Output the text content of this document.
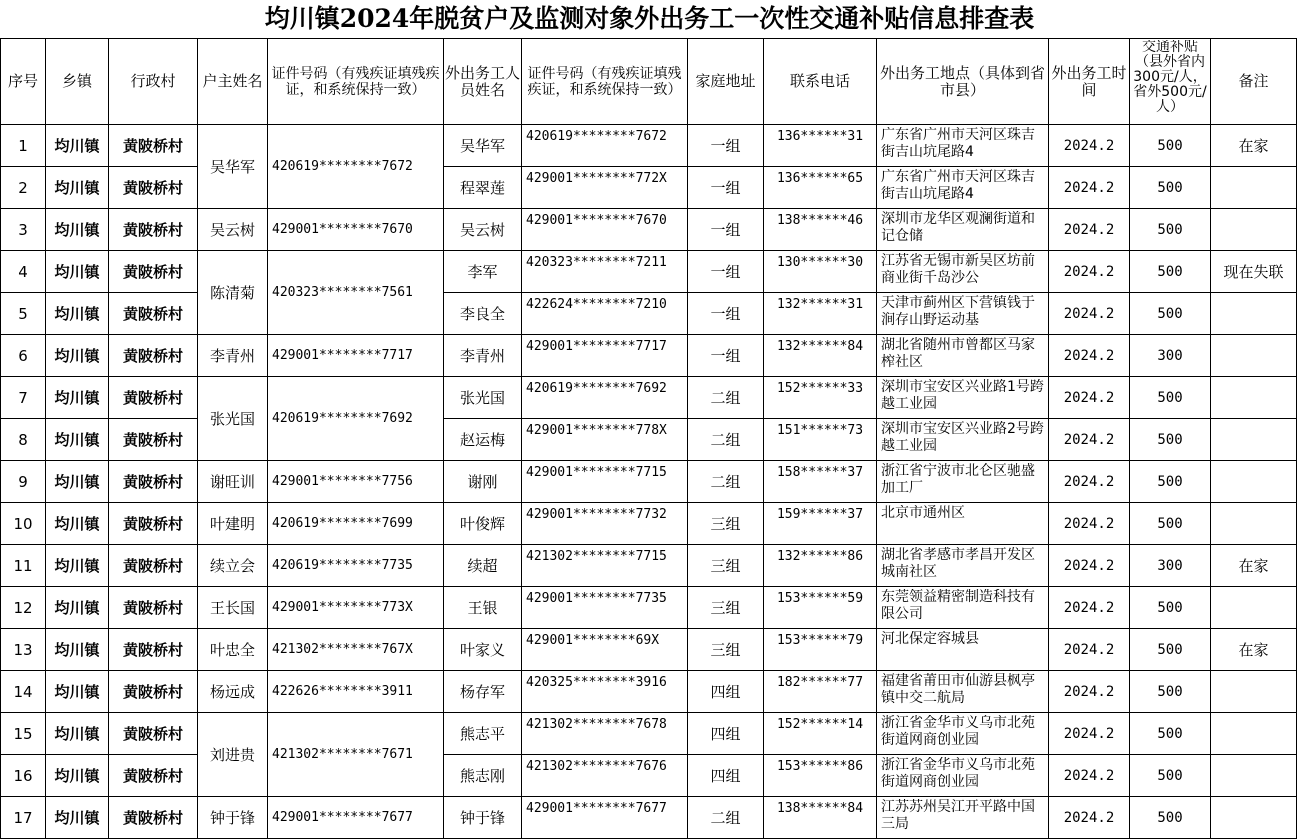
均川镇2024年脱贫户及监测对象外出务工一次性交通补贴信息排查表
序号	乡镇	行政村	户主姓名	证件号码（有残疾证填残疾证，和系统保持一致）	外出务工人员姓名	证件号码（有残疾证填残疾证，和系统保持一致）	家庭地址	联系电话	外出务工地点（具体到省市县）	外出务工时间	交通补贴（县外省内300元/人，省外500元/人）	备注
1	均川镇	黄陂桥村	吴华军	420619********7672	吴华军	420619********7672	一组	136******31	广东省广州市天河区珠吉街吉山坑尾路4	2024.2	500	在家
2	均川镇	黄陂桥村			程翠莲	429001********772X	一组	136******65	广东省广州市天河区珠吉街吉山坑尾路4	2024.2	500	
3	均川镇	黄陂桥村	吴云树	429001********7670	吴云树	429001********7670	一组	138******46	深圳市龙华区观澜街道和记仓储	2024.2	500	
4	均川镇	黄陂桥村	陈清菊	420323********7561	李军	420323********7211	一组	130******30	江苏省无锡市新吴区坊前商业街千岛沙公	2024.2	500	现在失联
5	均川镇	黄陂桥村			李良全	422624********7210	一组	132******31	天津市蓟州区下营镇钱于涧存山野运动基	2024.2	500	
6	均川镇	黄陂桥村	李青州	429001********7717	李青州	429001********7717	一组	132******84	湖北省随州市曾都区马家榨社区	2024.2	300	
7	均川镇	黄陂桥村	张光国	420619********7692	张光国	420619********7692	二组	152******33	深圳市宝安区兴业路1号跨越工业园	2024.2	500	
8	均川镇	黄陂桥村			赵运梅	429001********778X	二组	151******73	深圳市宝安区兴业路2号跨越工业园	2024.2	500	
9	均川镇	黄陂桥村	谢旺训	429001********7756	谢刚	429001********7715	二组	158******37	浙江省宁波市北仑区驰盛加工厂	2024.2	500	
10	均川镇	黄陂桥村	叶建明	420619********7699	叶俊辉	429001********7732	三组	159******37	北京市通州区	2024.2	500	
11	均川镇	黄陂桥村	续立会	420619********7735	续超	421302********7715	三组	132******86	湖北省孝感市孝昌开发区城南社区	2024.2	300	在家
12	均川镇	黄陂桥村	王长国	429001********773X	王银	429001********7735	三组	153******59	东莞领益精密制造科技有限公司	2024.2	500	
13	均川镇	黄陂桥村	叶忠全	421302********767X	叶家义	429001********69X	三组	153******79	河北保定容城县	2024.2	500	在家
14	均川镇	黄陂桥村	杨远成	422626********3911	杨存军	420325********3916	四组	182******77	福建省莆田市仙游县枫亭镇中交二航局	2024.2	500	
15	均川镇	黄陂桥村	刘进贵	421302********7671	熊志平	421302********7678	四组	152******14	浙江省金华市义乌市北苑街道网商创业园	2024.2	500	
16	均川镇	黄陂桥村			熊志刚	421302********7676	四组	153******86	浙江省金华市义乌市北苑街道网商创业园	2024.2	500	
17	均川镇	黄陂桥村	钟于锋	429001********7677	钟于锋	429001********7677	二组	138******84	江苏苏州吴江开平路中国三局	2024.2	500	
